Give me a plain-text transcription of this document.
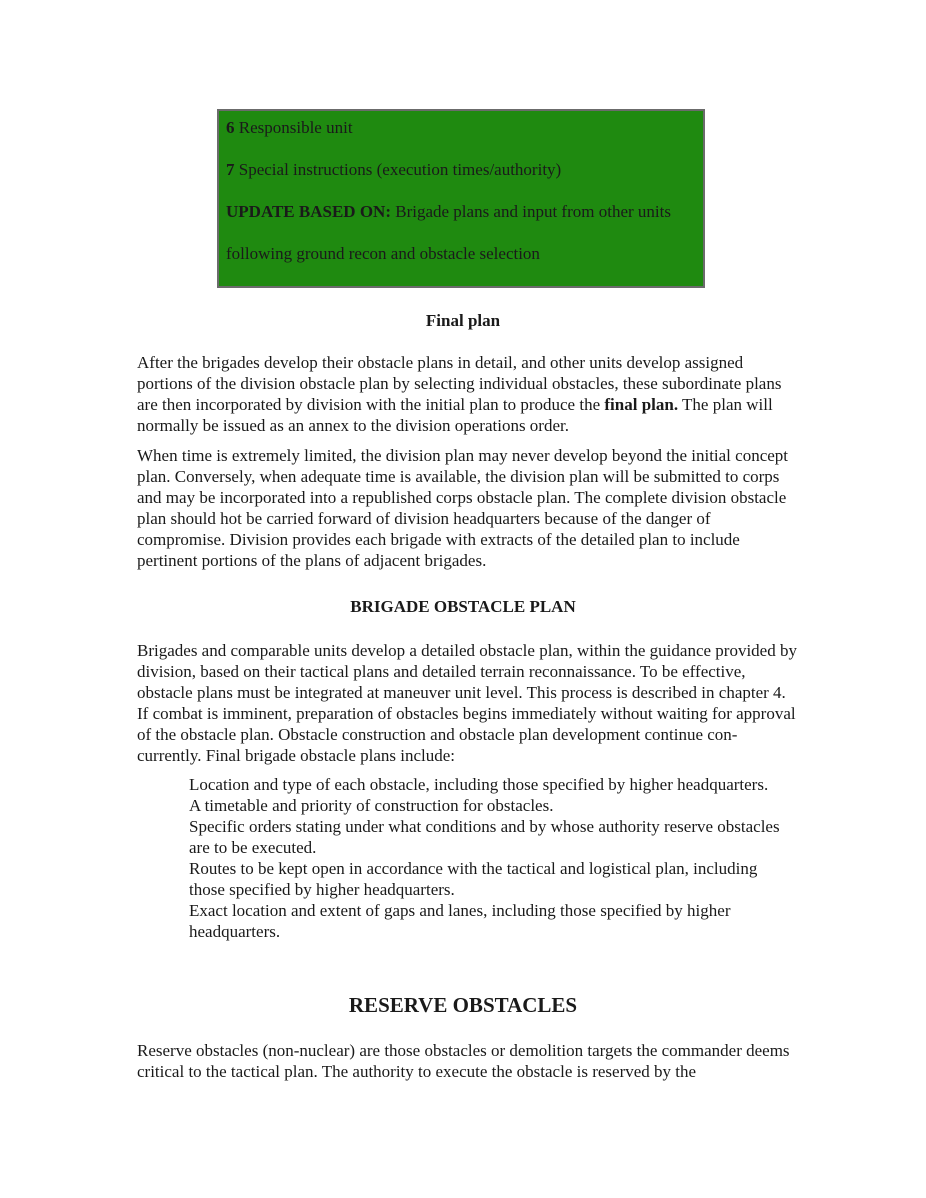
6 Responsible unit

7 Special instructions (execution times/authority)

UPDATE BASED ON: Brigade plans and input from other units

following ground recon and obstacle selection

Final plan

After the brigades develop their obstacle plans in detail, and other units develop assigned portions of the division obstacle plan by selecting individual obstacles, these subordinate plans are then incorporated by division with the initial plan to produce the final plan. The plan will normally be issued as an annex to the division operations order.

When time is extremely limited, the division plan may never develop beyond the initial concept plan. Conversely, when adequate time is available, the division plan will be submitted to corps and may be incorporated into a republished corps obstacle plan. The complete division obstacle plan should hot be carried forward of division headquarters because of the danger of compromise. Division provides each brigade with extracts of the detailed plan to include pertinent portions of the plans of adjacent brigades.

BRIGADE OBSTACLE PLAN

Brigades and comparable units develop a detailed obstacle plan, within the guidance provided by division, based on their tactical plans and detailed terrain reconnaissance. To be effective, obstacle plans must be integrated at maneuver unit level. This process is described in chapter 4. If combat is imminent, preparation of obstacles begins immediately without waiting for approval of the obstacle plan. Obstacle construction and obstacle plan development continue con-currently. Final brigade obstacle plans include:

Location and type of each obstacle, including those specified by higher headquarters.
A timetable and priority of construction for obstacles.
Specific orders stating under what conditions and by whose authority reserve obstacles are to be executed.
Routes to be kept open in accordance with the tactical and logistical plan, including those specified by higher headquarters.
Exact location and extent of gaps and lanes, including those specified by higher headquarters.
RESERVE OBSTACLES

Reserve obstacles (non-nuclear) are those obstacles or demolition targets the commander deems critical to the tactical plan. The authority to execute the obstacle is reserved by the
